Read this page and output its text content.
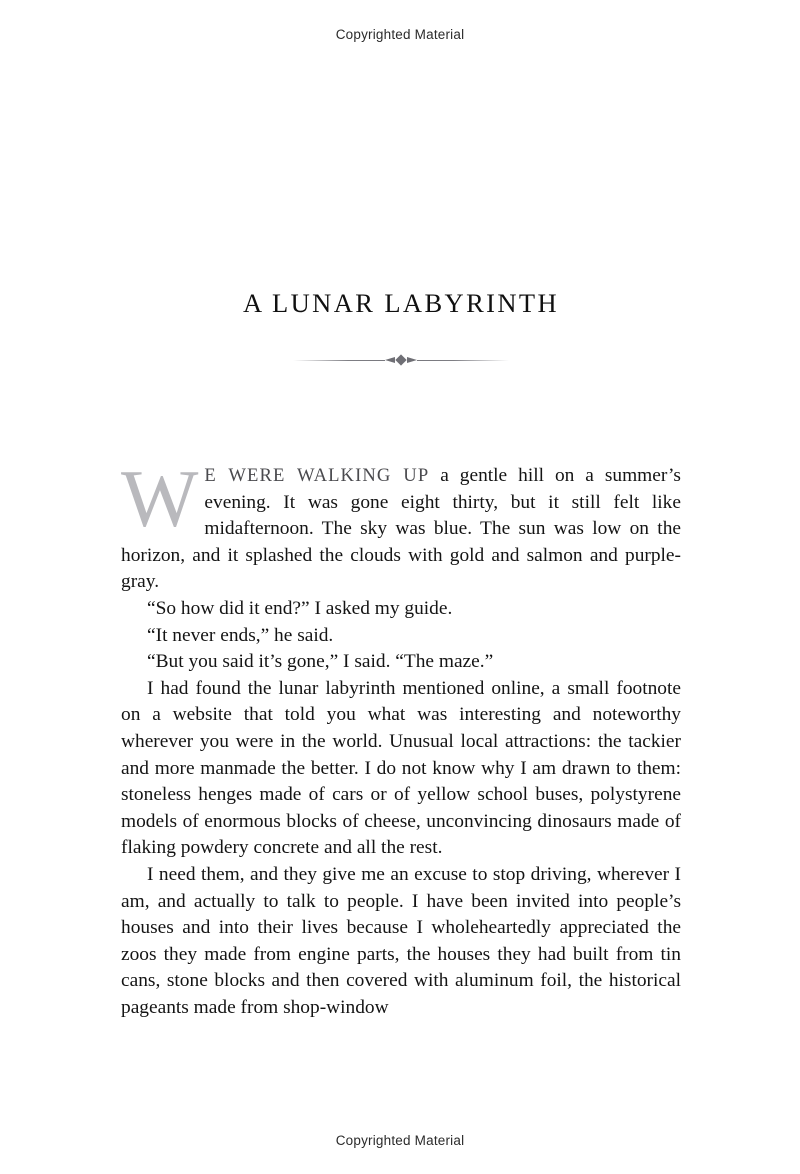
Copyrighted Material
A LUNAR LABYRINTH

W E WERE WALKING UP a gentle hill on a summer’s evening. It was gone eight thirty, but it still felt like midafternoon. The sky was blue. The sun was low on the horizon, and it splashed the clouds with gold and salmon and purple-gray.

“So how did it end?” I asked my guide.

“It never ends,” he said.

“But you said it’s gone,” I said. “The maze.”

I had found the lunar labyrinth mentioned online, a small footnote on a website that told you what was interesting and noteworthy wherever you were in the world. Unusual local attractions: the tackier and more manmade the better. I do not know why I am drawn to them: stoneless henges made of cars or of yellow school buses, polystyrene models of enormous blocks of cheese, unconvincing dinosaurs made of flaking powdery concrete and all the rest.

I need them, and they give me an excuse to stop driving, wherever I am, and actually to talk to people. I have been invited into people’s houses and into their lives because I wholeheartedly appreciated the zoos they made from engine parts, the houses they had built from tin cans, stone blocks and then covered with aluminum foil, the historical pageants made from shop-window

Copyrighted Material
